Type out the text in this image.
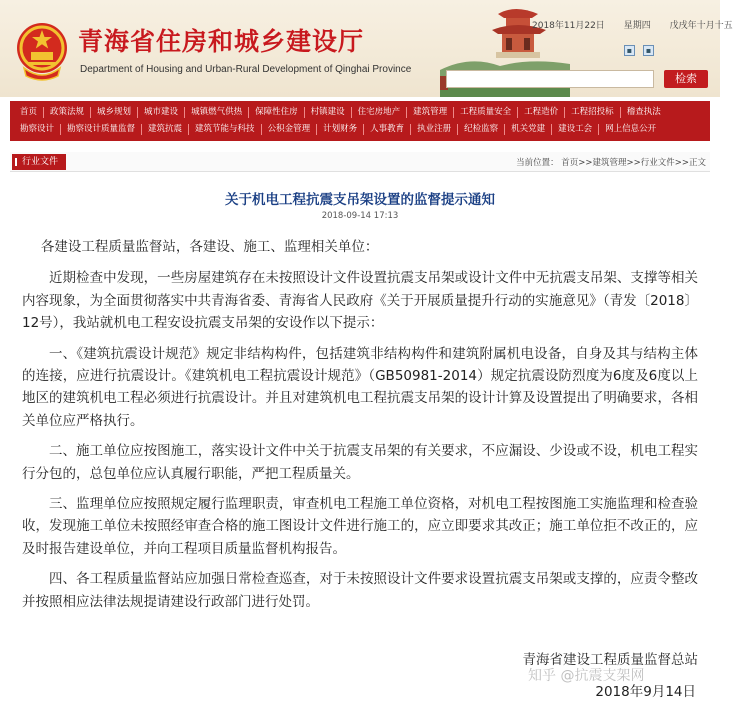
青海省住房和城乡建设厅
Department of Housing and Urban-Rural Development of Qinghai Province
2018年11月22日 星期四 戊戌年十月十五
▪ ▪
检索
首页	政策法规	城乡规划	城市建设	城镇燃气供热	保障性住房	村镇建设	住宅房地产	建筑管理	工程质量安全	工程造价	工程招投标	稽查执法
勘察设计	勘察设计质量监督	建筑抗震	建筑节能与科技	公积金管理	计划财务	人事教育	执业注册	纪检监察	机关党建	建设工会	网上信息公开
行业文件	当前位置： 首页>>建筑管理>>行业文件>>正文
关于机电工程抗震支吊架设置的监督提示通知
2018-09-14 17:13
各建设工程质量监督站，各建设、施工、监理相关单位：
近期检查中发现，一些房屋建筑存在未按照设计文件设置抗震支吊架或设计文件中无抗震支吊架、支撑等相关内容现象，为全面贯彻落实中共青海省委、青海省人民政府《关于开展质量提升行动的实施意见》（青发〔2018〕12号），我站就机电工程安设抗震支吊架的安设作以下提示：
一、《建筑抗震设计规范》规定非结构构件，包括建筑非结构构件和建筑附属机电设备，自身及其与结构主体的连接，应进行抗震设计。《建筑机电工程抗震设计规范》（GB50981-2014）规定抗震设防烈度为6度及6度以上地区的建筑机电工程必须进行抗震设计。并且对建筑机电工程抗震支吊架的设计计算及设置提出了明确要求，各相关单位应严格执行。
二、施工单位应按图施工，落实设计文件中关于抗震支吊架的有关要求，不应漏设、少设或不设，机电工程实行分包的，总包单位应认真履行职能，严把工程质量关。
三、监理单位应按照规定履行监理职责，审查机电工程施工单位资格，对机电工程按图施工实施监理和检查验收，发现施工单位未按照经审查合格的施工图设计文件进行施工的，应立即要求其改正；施工单位拒不改正的，应及时报告建设单位，并向工程项目质量监督机构报告。
四、各工程质量监督站应加强日常检查巡查，对于未按照设计文件要求设置抗震支吊架或支撑的，应责令整改并按照相应法律法规提请建设行政部门进行处罚。
青海省建设工程质量监督总站
知乎 @抗震支架网
2018年9月14日
